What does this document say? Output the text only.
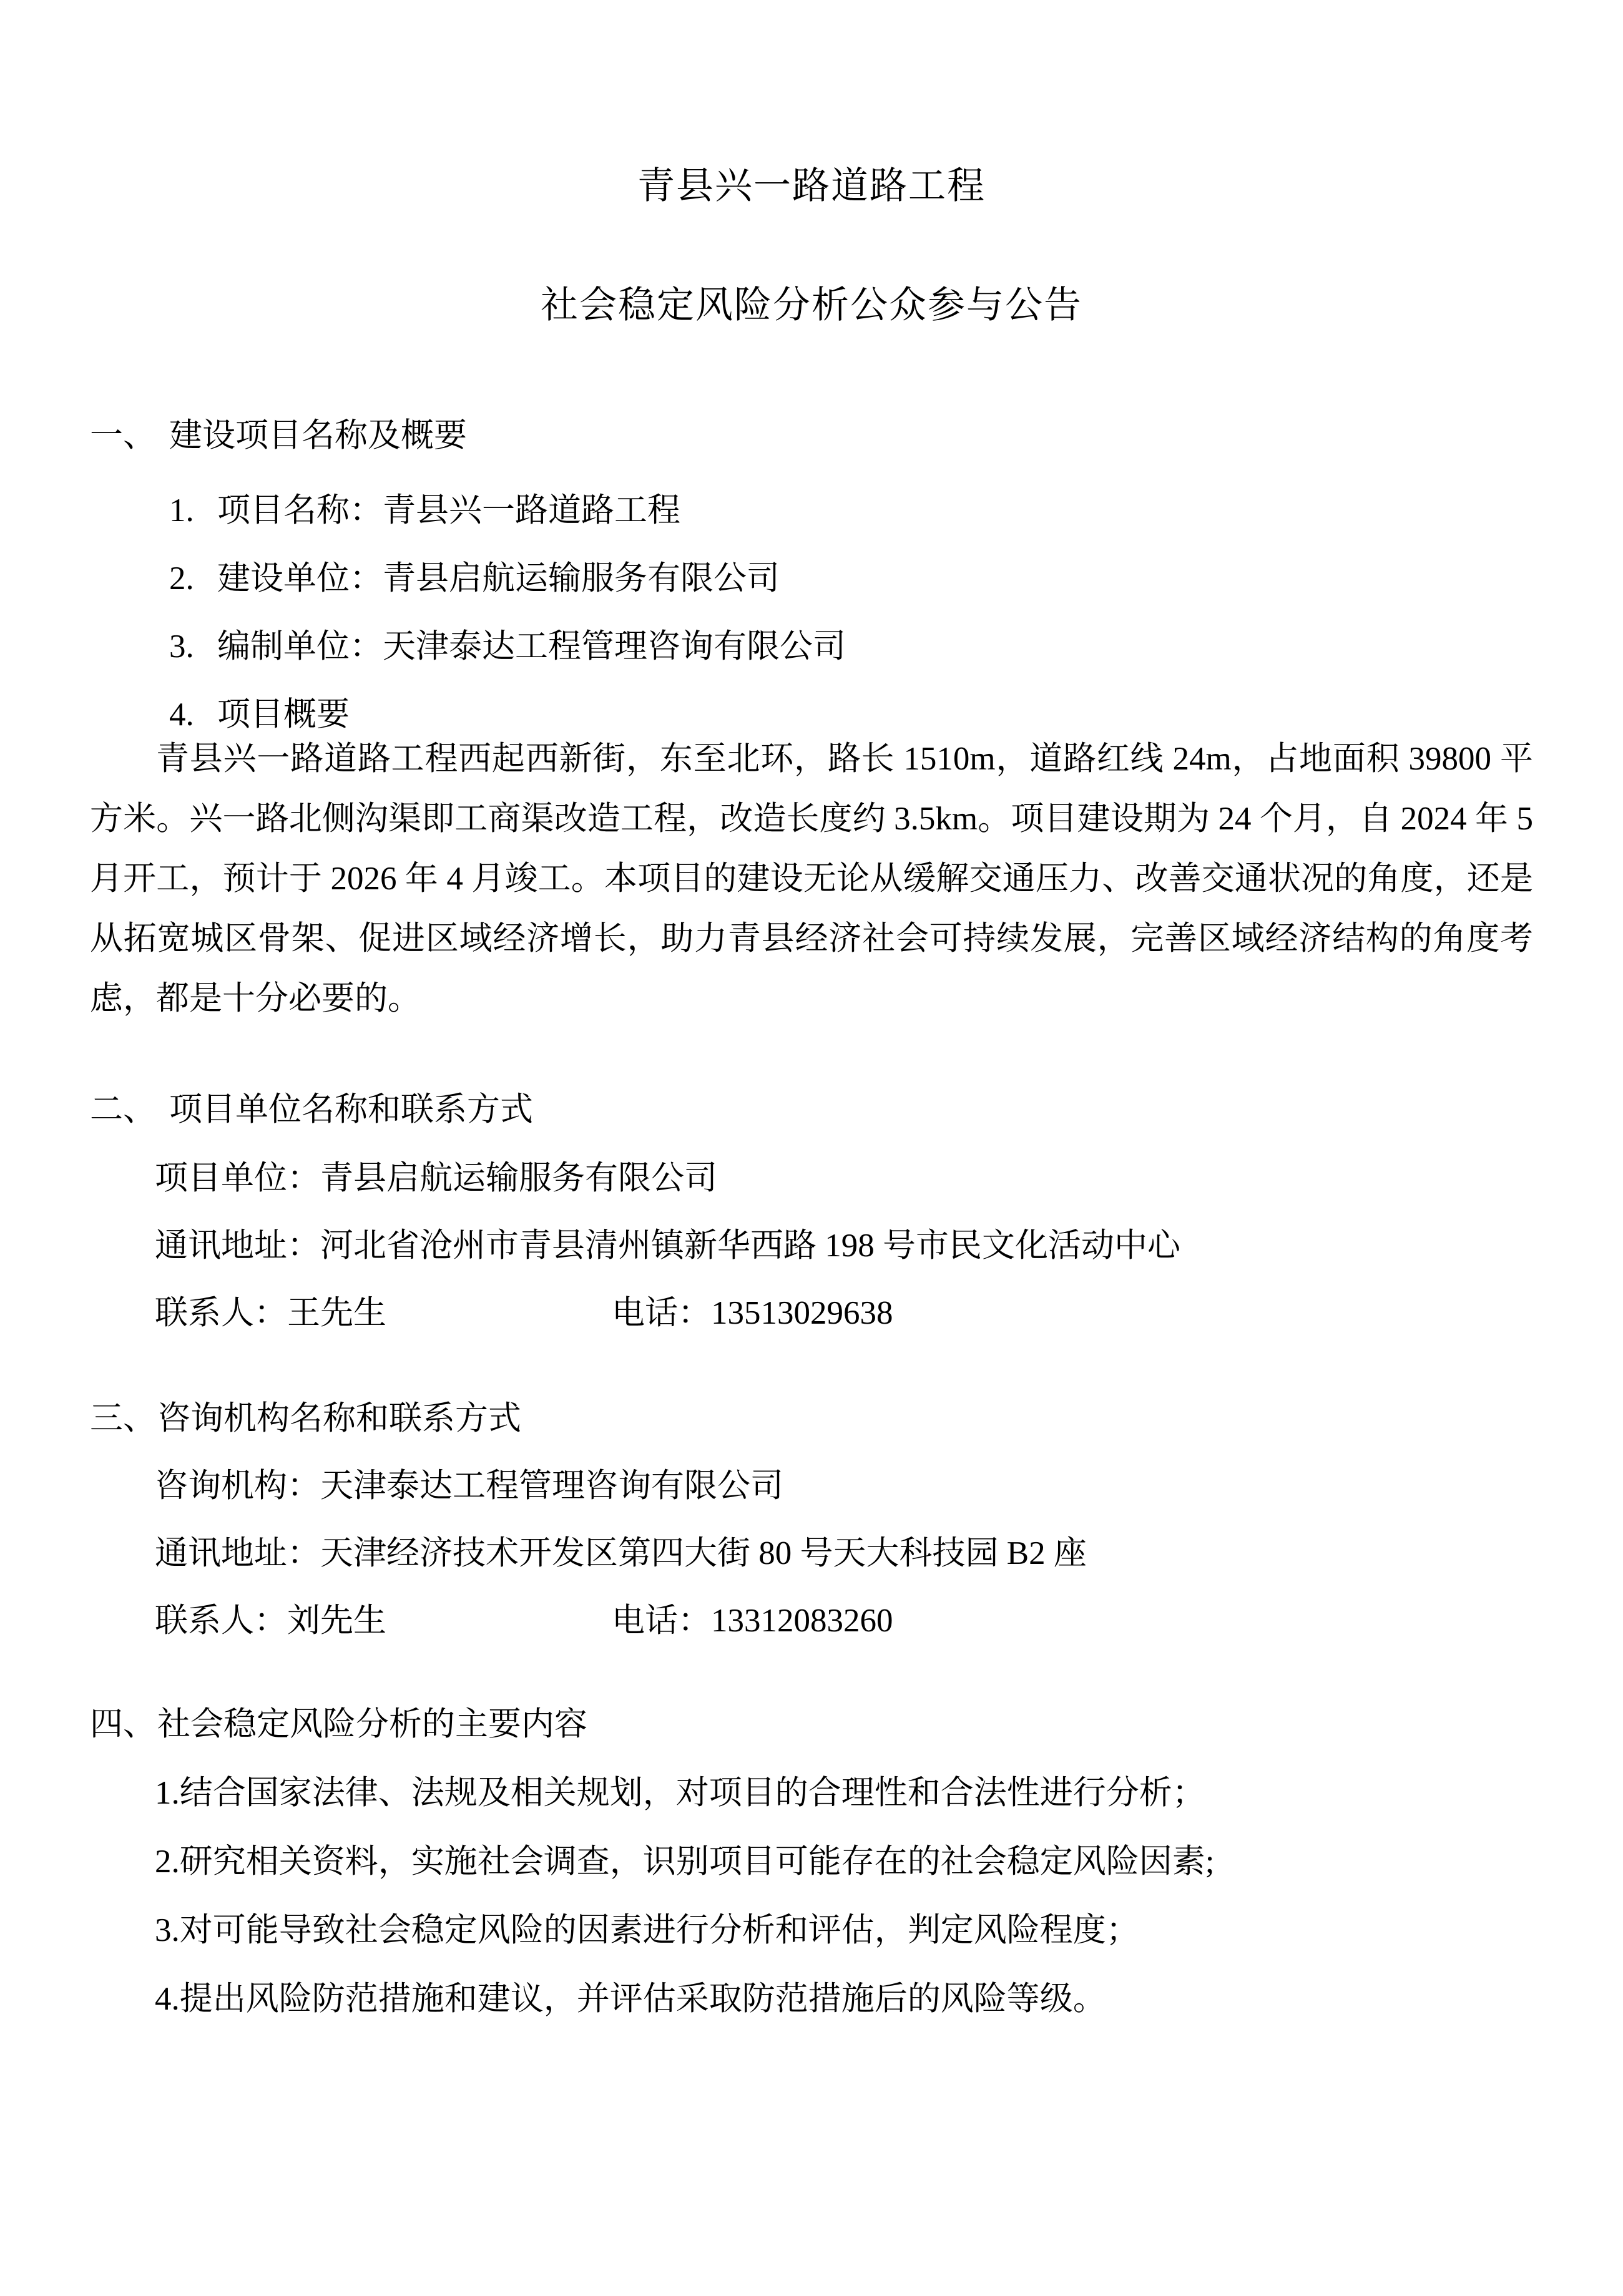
青县兴一路道路工程
社会稳定风险分析公众参与公告
一、 建设项目名称及概要
1. 项目名称：青县兴一路道路工程
2. 建设单位：青县启航运输服务有限公司
3. 编制单位：天津泰达工程管理咨询有限公司
4. 项目概要
青县兴一路道路工程西起西新街，东至北环，路长 1510m，道路红线 24m，占地面积 39800 平方米。兴一路北侧沟渠即工商渠改造工程，改造长度约 3.5km。项目建设期为 24 个月，自 2024 年 5 月开工，预计于 2026 年 4 月竣工。本项目的建设无论从缓解交通压力、改善交通状况的角度，还是从拓宽城区骨架、促进区域经济增长，助力青县经济社会可持续发展，完善区域经济结构的角度考虑，都是十分必要的。
二、 项目单位名称和联系方式
项目单位：青县启航运输服务有限公司
通讯地址：河北省沧州市青县清州镇新华西路 198 号市民文化活动中心
联系人：王先生	电话：13513029638
三、咨询机构名称和联系方式
咨询机构：天津泰达工程管理咨询有限公司
通讯地址：天津经济技术开发区第四大街 80 号天大科技园 B2 座
联系人：刘先生	电话：13312083260
四、社会稳定风险分析的主要内容
1.结合国家法律、法规及相关规划，对项目的合理性和合法性进行分析；
2.研究相关资料，实施社会调查，识别项目可能存在的社会稳定风险因素;
3.对可能导致社会稳定风险的因素进行分析和评估，判定风险程度；
4.提出风险防范措施和建议，并评估采取防范措施后的风险等级。
